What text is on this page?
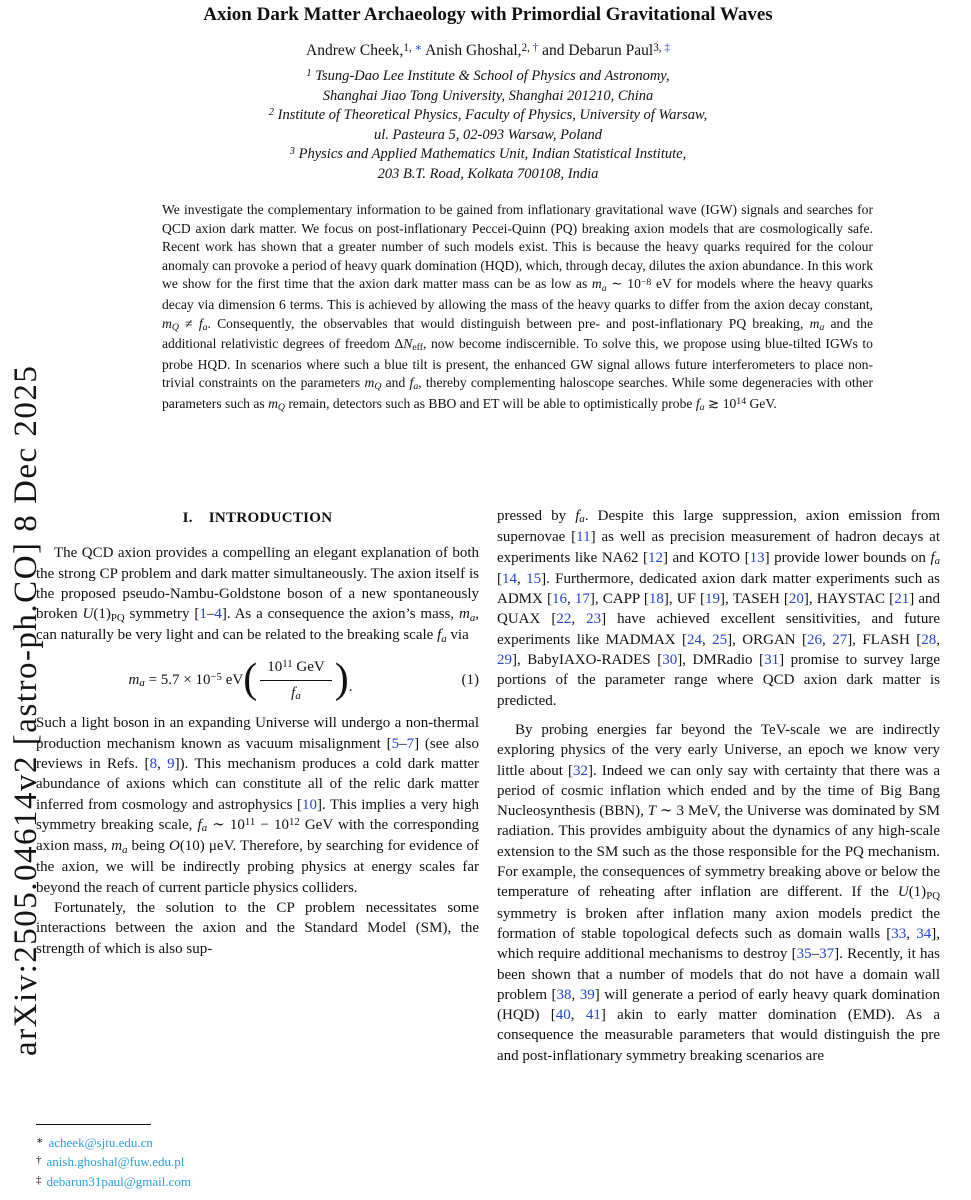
arXiv:2505.04614v2 [astro-ph.CO] 8 Dec 2025
Axion Dark Matter Archaeology with Primordial Gravitational Waves
Andrew Cheek,$^{1,}$ ∗ Anish Ghoshal,$^{2,}$ † and Debarun Paul$^{3,}$ ‡
$^1$ Tsung-Dao Lee Institute & School of Physics and Astronomy,
Shanghai Jiao Tong University, Shanghai 201210, China
$^2$ Institute of Theoretical Physics, Faculty of Physics, University of Warsaw,
ul. Pasteura 5, 02-093 Warsaw, Poland
$^3$ Physics and Applied Mathematics Unit, Indian Statistical Institute,
203 B.T. Road, Kolkata 700108, India
We investigate the complementary information to be gained from inflationary gravitational wave (IGW) signals and searches for QCD axion dark matter. We focus on post-inflationary Peccei-Quinn (PQ) breaking axion models that are cosmologically safe. Recent work has shown that a greater number of such models exist. This is because the heavy quarks required for the colour anomaly can provoke a period of heavy quark domination (HQD), which, through decay, dilutes the axion abundance. In this work we show for the first time that the axion dark matter mass can be as low as ma ∼ $10^{-8}$ eV for models where the heavy quarks decay via dimension 6 terms. This is achieved by allowing the mass of the heavy quarks to differ from the axion decay constant, mQ ≠ fa. Consequently, the observables that would distinguish between pre- and post-inflationary PQ breaking, ma and the additional relativistic degrees of freedom ΔNeff, now become indiscernible. To solve this, we propose using blue-tilted IGWs to probe HQD. In scenarios where such a blue tilt is present, the enhanced GW signal allows future interferometers to place non-trivial constraints on the parameters mQ and fa, thereby complementing haloscope searches. While some degeneracies with other parameters such as mQ remain, detectors such as BBO and ET will be able to optimistically probe fa ≳ $10^{14}$ GeV.
I. INTRODUCTION

The QCD axion provides a compelling an elegant explanation of both the strong CP problem and dark matter simultaneously. The axion itself is the proposed pseudo-Nambu-Goldstone boson of a new spontaneously broken U(1)PQ symmetry [1–4]. As a consequence the axion’s mass, ma, can naturally be very light and can be related to the breaking scale fa via

ma = $5.7 \times 10^{-5}$ eV ( $\frac{10^{11} GeV}{fa}$ ) .	(1)

Such a light boson in an expanding Universe will undergo a non-thermal production mechanism known as vacuum misalignment [5–7] (see also reviews in Refs. [8, 9]). This mechanism produces a cold dark matter abundance of axions which can constitute all of the relic dark matter inferred from cosmology and astrophysics [10]. This implies a very high symmetry breaking scale, fa ∼ $10^{11} - 10^{12}$ GeV with the corresponding axion mass, ma being O(10) μeV. Therefore, by searching for evidence of the axion, we will be indirectly probing physics at energy scales far beyond the reach of current particle physics colliders.

Fortunately, the solution to the CP problem necessitates some interactions between the axion and the Standard Model (SM), the strength of which is also sup-

∗ acheek@sjtu.edu.cn

† anish.ghoshal@fuw.edu.pl

‡ debarun31paul@gmail.com

pressed by fa. Despite this large suppression, axion emission from supernovae [11] as well as precision measurement of hadron decays at experiments like NA62 [12] and KOTO [13] provide lower bounds on fa [14, 15]. Furthermore, dedicated axion dark matter experiments such as ADMX [16, 17], CAPP [18], UF [19], TASEH [20], HAYSTAC [21] and QUAX [22, 23] have achieved excellent sensitivities, and future experiments like MADMAX [24, 25], ORGAN [26, 27], FLASH [28, 29], BabyIAXO-RADES [30], DMRadio [31] promise to survey large portions of the parameter range where QCD axion dark matter is predicted.

By probing energies far beyond the TeV-scale we are indirectly exploring physics of the very early Universe, an epoch we know very little about [32]. Indeed we can only say with certainty that there was a period of cosmic inflation which ended and by the time of Big Bang Nucleosynthesis (BBN), T ∼ 3 MeV, the Universe was dominated by SM radiation. This provides ambiguity about the dynamics of any high-scale extension to the SM such as the those responsible for the PQ mechanism. For example, the consequences of symmetry breaking above or below the temperature of reheating after inflation are different. If the U(1)PQ symmetry is broken after inflation many axion models predict the formation of stable topological defects such as domain walls [33, 34], which require additional mechanisms to destroy [35–37]. Recently, it has been shown that a number of models that do not have a domain wall problem [38, 39] will generate a period of early heavy quark domination (HQD) [40, 41] akin to early matter domination (EMD). As a consequence the measurable parameters that would distinguish the pre and post-inflationary symmetry breaking scenarios are
